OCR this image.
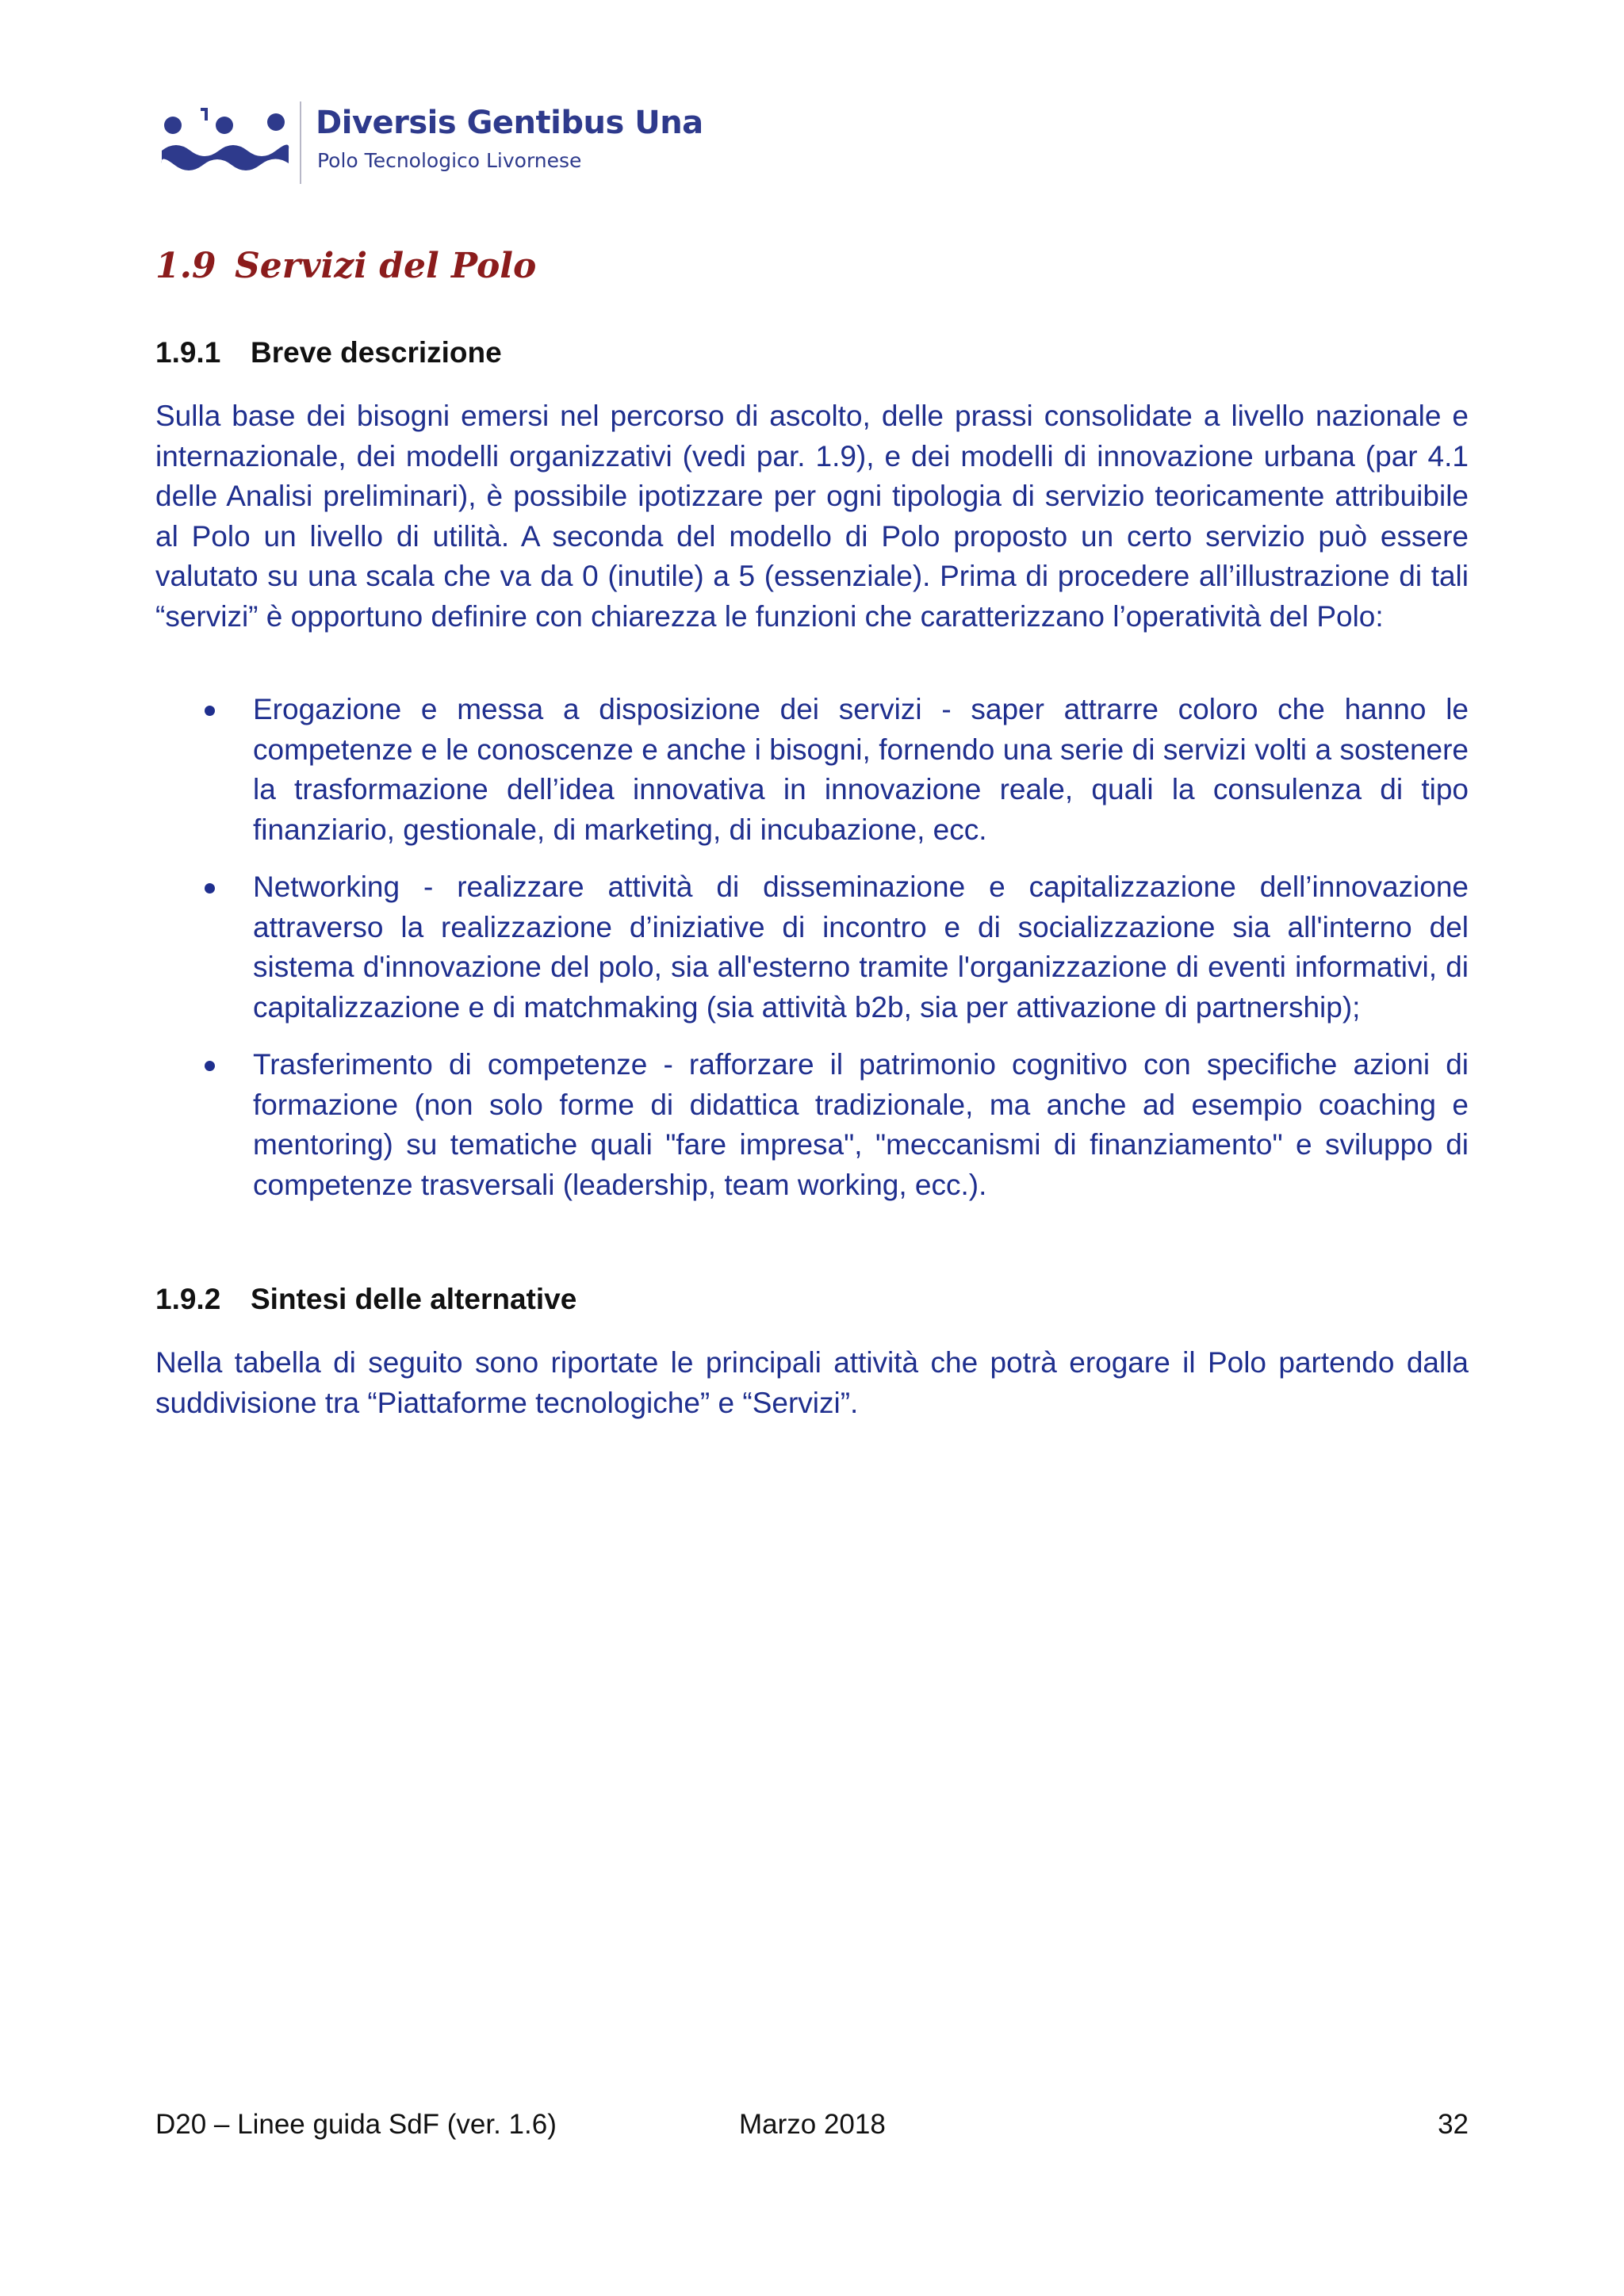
Diversis Gentibus Una
Polo Tecnologico Livornese
1.9 Servizi del Polo
1.9.1 Breve descrizione

Sulla base dei bisogni emersi nel percorso di ascolto, delle prassi consolidate a livello nazionale e internazionale, dei modelli organizzativi (vedi par. 1.9), e dei modelli di innovazione urbana (par 4.1 delle Analisi preliminari), è possibile ipotizzare per ogni tipologia di servizio teoricamente attribuibile al Polo un livello di utilità. A seconda del modello di Polo proposto un certo servizio può essere valutato su una scala che va da 0 (inutile) a 5 (essenziale). Prima di procedere all’illustrazione di tali “servizi” è opportuno definire con chiarezza le funzioni che caratterizzano l’operatività del Polo:

Erogazione e messa a disposizione dei servizi - saper attrarre coloro che hanno le competenze e le conoscenze e anche i bisogni, fornendo una serie di servizi volti a sostenere la trasformazione dell’idea innovativa in innovazione reale, quali la consulenza di tipo finanziario, gestionale, di marketing, di incubazione, ecc.
Networking - realizzare attività di disseminazione e capitalizzazione dell’innovazione attraverso la realizzazione d’iniziative di incontro e di socializzazione sia all'interno del sistema d'innovazione del polo, sia all'esterno tramite l'organizzazione di eventi informativi, di capitalizzazione e di matchmaking (sia attività b2b, sia per attivazione di partnership);
Trasferimento di competenze - rafforzare il patrimonio cognitivo con specifiche azioni di formazione (non solo forme di didattica tradizionale, ma anche ad esempio coaching e mentoring) su tematiche quali "fare impresa", "meccanismi di finanziamento" e sviluppo di competenze trasversali (leadership, team working, ecc.).
1.9.2 Sintesi delle alternative

Nella tabella di seguito sono riportate le principali attività che potrà erogare il Polo partendo dalla suddivisione tra “Piattaforme tecnologiche” e “Servizi”.

D20 – Linee guida SdF (ver. 1.6)	Marzo 2018	32
